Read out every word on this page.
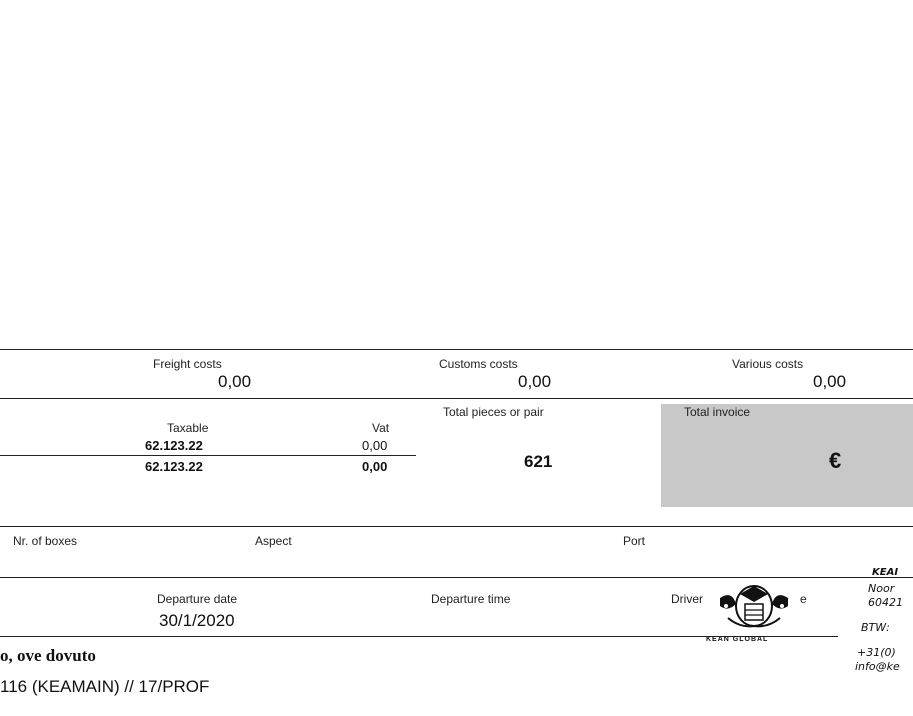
Freight costs
0,00
Customs costs
0,00
Various costs
0,00
Taxable	Vat
62.123.22	0,00
62.123.22	0,00
Total pieces or pair
621
Total invoice
€
Nr. of boxes	Aspect	Port
Departure date
30/1/2020
Departure time	Driver	e
KEAN GLOBAL
KEAI
Noor
60421
BTW:
+31(0)
info@ke
o, ove dovuto
116 (KEAMAIN) // 17/PROF
